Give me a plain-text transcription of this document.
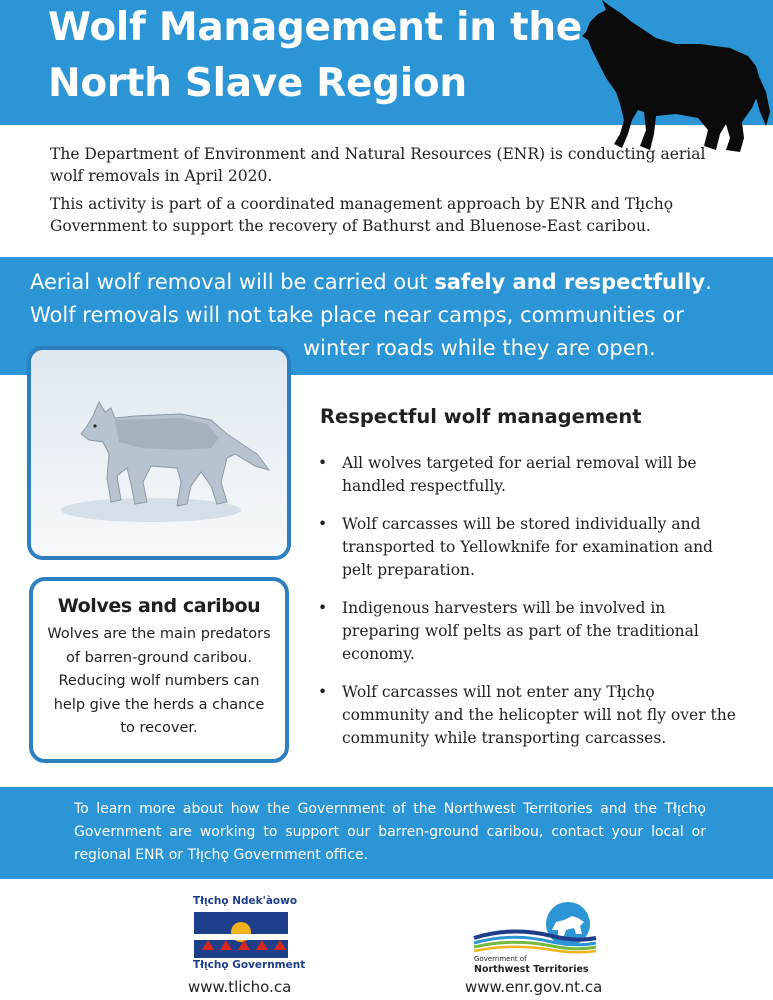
Wolf Management in the
North Slave Region

The Department of Environment and Natural Resources (ENR) is conducting aerial wolf removals in April 2020.

This activity is part of a coordinated management approach by ENR and Tłı̨chǫ Government to support the recovery of Bathurst and Bluenose-East caribou.

Aerial wolf removal will be carried out safely and respectfully.
Wolf removals will not take place near camps, communities or
winter roads while they are open.

Wolves and caribou

Wolves are the main predators of barren-ground caribou. Reducing wolf numbers can help give the herds a chance to recover.

Respectful wolf management
• All wolves targeted for aerial removal will be handled respectfully.
• Wolf carcasses will be stored individually and transported to Yellowknife for examination and pelt preparation.
• Indigenous harvesters will be involved in preparing wolf pelts as part of the traditional economy.
• Wolf carcasses will not enter any Tłı̨chǫ community and the helicopter will not fly over the community while transporting carcasses.

To learn more about how the Government of the Northwest Territories and the Tłı̨chǫ Government are working to support our barren-ground caribou, contact your local or regional ENR or Tłı̨chǫ Government office.

Tłı̨chǫ Ndek'àowo
Tłı̨chǫ Government

www.tlicho.ca

Government of
Northwest Territories

www.enr.gov.nt.ca
